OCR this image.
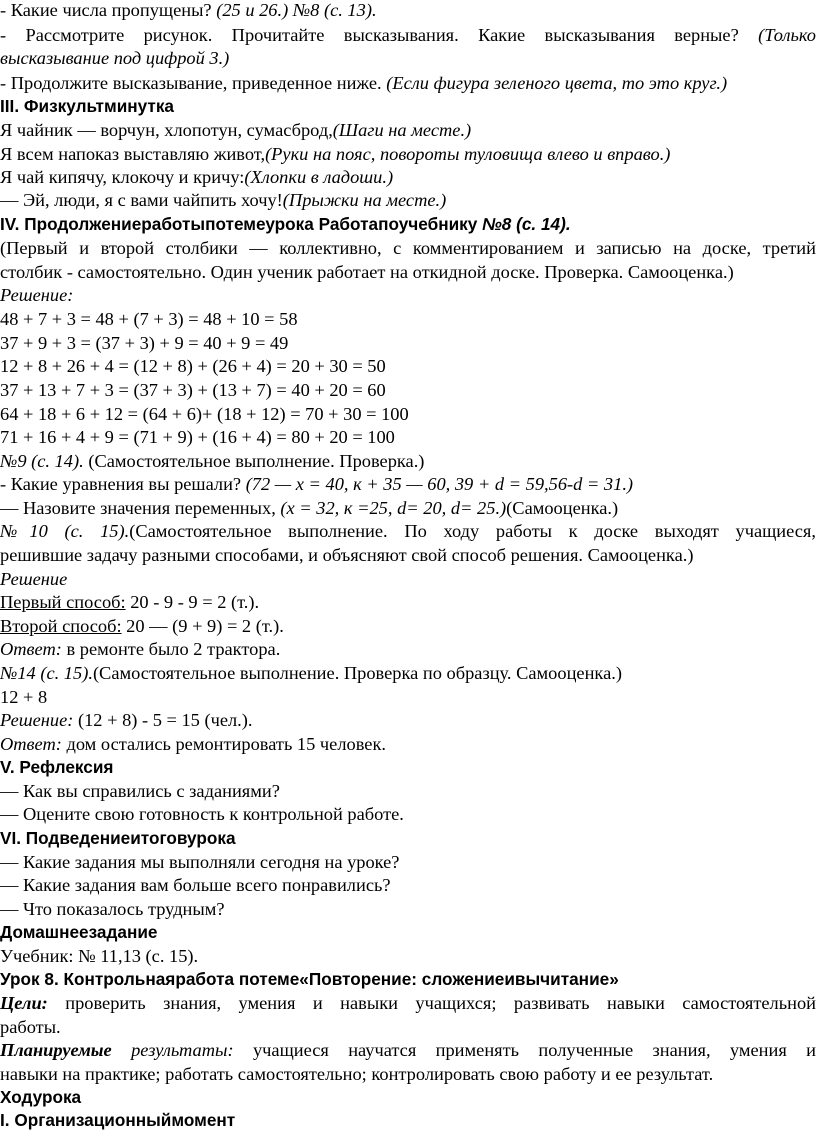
- Какие числа пропущены? (25 и 26.) №8 (с. 13).
- Рассмотрите рисунок. Прочитайте высказывания. Какие высказывания верные? (Только
высказывание под цифрой 3.)
- Продолжите высказывание, приведенное ниже. (Если фигура зеленого цвета, то это круг.)
III. Физкультминутка
Я чайник — ворчун, хлопотун, сумасброд,(Шаги на месте.)
Я всем напоказ выставляю живот,(Руки на пояс, повороты туловища влево и вправо.)
Я чай кипячу, клокочу и кричу:(Хлопки в ладоши.)
— Эй, люди, я с вами чайпить хочу!(Прыжки на месте.)
IV. Продолжениеработыпотемеурока Работапоучебнику №8 (с. 14).
(Первый и второй столбики — коллективно, с комментированием и записью на доске, третий
столбик - самостоятельно. Один ученик работает на откидной доске. Проверка. Самооценка.)
Решение:
48 + 7 + 3 = 48 + (7 + 3) = 48 + 10 = 58
37 + 9 + 3 = (37 + 3) + 9 = 40 + 9 = 49
12 + 8 + 26 + 4 = (12 + 8) + (26 + 4) = 20 + 30 = 50
37 + 13 + 7 + 3 = (37 + 3) + (13 + 7) = 40 + 20 = 60
64 + 18 + 6 + 12 = (64 + 6)+ (18 + 12) = 70 + 30 = 100
71 + 16 + 4 + 9 = (71 + 9) + (16 + 4) = 80 + 20 = 100
№9 (с. 14). (Самостоятельное выполнение. Проверка.)
- Какие уравнения вы решали? (72 — х = 40, к + 35 — 60, 39 + d = 59,56-d = 31.)
— Назовите значения переменных, (х = 32, к =25, d= 20, d= 25.)(Самооценка.)
№10 (с. 15).(Самостоятельное выполнение. По ходу работы к доске выходят учащиеся,
решившие задачу разными способами, и объясняют свой способ решения. Самооценка.)
Решение
Первый способ: 20 - 9 - 9 = 2 (т.).
Второй способ: 20 — (9 + 9) = 2 (т.).
Ответ: в ремонте было 2 трактора.
№14 (с. 15).(Самостоятельное выполнение. Проверка по образцу. Самооценка.)
12 + 8
Решение: (12 + 8) - 5 = 15 (чел.).
Ответ: дом остались ремонтировать 15 человек.
V. Рефлексия
— Как вы справились с заданиями?
— Оцените свою готовность к контрольной работе.
VI. Подведениеитоговурока
— Какие задания мы выполняли сегодня на уроке?
— Какие задания вам больше всего понравились?
— Что показалось трудным?
Домашнеезадание
Учебник: № 11,13 (с. 15).
Урок 8. Контрольнаяработа потеме«Повторение: сложениеивычитание»
Цели: проверить знания, умения и навыки учащихся; развивать навыки самостоятельной
работы.
Планируемые результаты: учащиеся научатся применять полученные знания, умения и
навыки на практике; работать самостоятельно; контролировать свою работу и ее результат.
Ходурока
I. Организационныймомент
